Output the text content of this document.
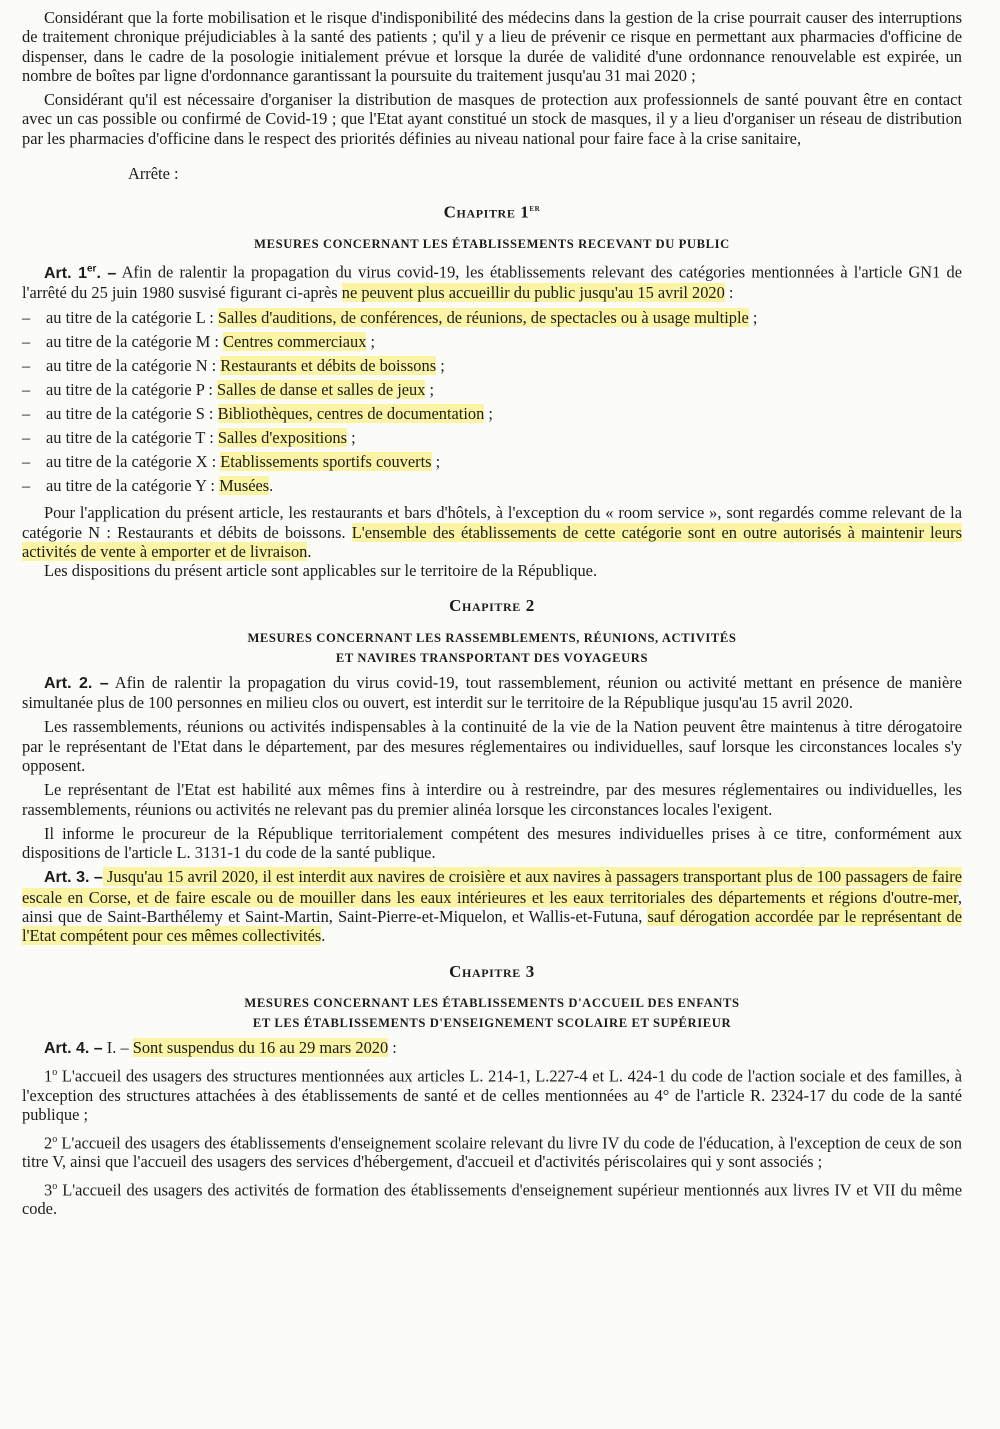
Considérant que la forte mobilisation et le risque d'indisponibilité des médecins dans la gestion de la crise pourrait causer des interruptions de traitement chronique préjudiciables à la santé des patients ; qu'il y a lieu de prévenir ce risque en permettant aux pharmacies d'officine de dispenser, dans le cadre de la posologie initialement prévue et lorsque la durée de validité d'une ordonnance renouvelable est expirée, un nombre de boîtes par ligne d'ordonnance garantissant la poursuite du traitement jusqu'au 31 mai 2020 ;

Considérant qu'il est nécessaire d'organiser la distribution de masques de protection aux professionnels de santé pouvant être en contact avec un cas possible ou confirmé de Covid-19 ; que l'Etat ayant constitué un stock de masques, il y a lieu d'organiser un réseau de distribution par les pharmacies d'officine dans le respect des priorités définies au niveau national pour faire face à la crise sanitaire,

Arrête :

Chapitre 1er

MESURES CONCERNANT LES ÉTABLISSEMENTS RECEVANT DU PUBLIC

Art. 1er. – Afin de ralentir la propagation du virus covid-19, les établissements relevant des catégories mentionnées à l'article GN1 de l'arrêté du 25 juin 1980 susvisé figurant ci-après ne peuvent plus accueillir du public jusqu'au 15 avril 2020 :

– au titre de la catégorie L : Salles d'auditions, de conférences, de réunions, de spectacles ou à usage multiple ;
– au titre de la catégorie M : Centres commerciaux ;
– au titre de la catégorie N : Restaurants et débits de boissons ;
– au titre de la catégorie P : Salles de danse et salles de jeux ;
– au titre de la catégorie S : Bibliothèques, centres de documentation ;
– au titre de la catégorie T : Salles d'expositions ;
– au titre de la catégorie X : Etablissements sportifs couverts ;
– au titre de la catégorie Y : Musées.

Pour l'application du présent article, les restaurants et bars d'hôtels, à l'exception du « room service », sont regardés comme relevant de la catégorie N : Restaurants et débits de boissons. L'ensemble des établissements de cette catégorie sont en outre autorisés à maintenir leurs activités de vente à emporter et de livraison.

Les dispositions du présent article sont applicables sur le territoire de la République.

Chapitre 2

MESURES CONCERNANT LES RASSEMBLEMENTS, RÉUNIONS, ACTIVITÉS
ET NAVIRES TRANSPORTANT DES VOYAGEURS

Art. 2. – Afin de ralentir la propagation du virus covid-19, tout rassemblement, réunion ou activité mettant en présence de manière simultanée plus de 100 personnes en milieu clos ou ouvert, est interdit sur le territoire de la République jusqu'au 15 avril 2020.

Les rassemblements, réunions ou activités indispensables à la continuité de la vie de la Nation peuvent être maintenus à titre dérogatoire par le représentant de l'Etat dans le département, par des mesures réglementaires ou individuelles, sauf lorsque les circonstances locales s'y opposent.

Le représentant de l'Etat est habilité aux mêmes fins à interdire ou à restreindre, par des mesures réglementaires ou individuelles, les rassemblements, réunions ou activités ne relevant pas du premier alinéa lorsque les circonstances locales l'exigent.

Il informe le procureur de la République territorialement compétent des mesures individuelles prises à ce titre, conformément aux dispositions de l'article L. 3131-1 du code de la santé publique.

Art. 3. – Jusqu'au 15 avril 2020, il est interdit aux navires de croisière et aux navires à passagers transportant plus de 100 passagers de faire escale en Corse, et de faire escale ou de mouiller dans les eaux intérieures et les eaux territoriales des départements et régions d'outre-mer, ainsi que de Saint-Barthélemy et Saint-Martin, Saint-Pierre-et-Miquelon, et Wallis-et-Futuna, sauf dérogation accordée par le représentant de l'Etat compétent pour ces mêmes collectivités.

Chapitre 3

MESURES CONCERNANT LES ÉTABLISSEMENTS D'ACCUEIL DES ENFANTS
ET LES ÉTABLISSEMENTS D'ENSEIGNEMENT SCOLAIRE ET SUPÉRIEUR

Art. 4. – I. – Sont suspendus du 16 au 29 mars 2020 :

1$^o$ L'accueil des usagers des structures mentionnées aux articles L. 214-1, L.227-4 et L. 424-1 du code de l'action sociale et des familles, à l'exception des structures attachées à des établissements de santé et de celles mentionnées au 4° de l'article R. 2324-17 du code de la santé publique ;

2$^o$ L'accueil des usagers des établissements d'enseignement scolaire relevant du livre IV du code de l'éducation, à l'exception de ceux de son titre V, ainsi que l'accueil des usagers des services d'hébergement, d'accueil et d'activités périscolaires qui y sont associés ;

3$^o$ L'accueil des usagers des activités de formation des établissements d'enseignement supérieur mentionnés aux livres IV et VII du même code.
